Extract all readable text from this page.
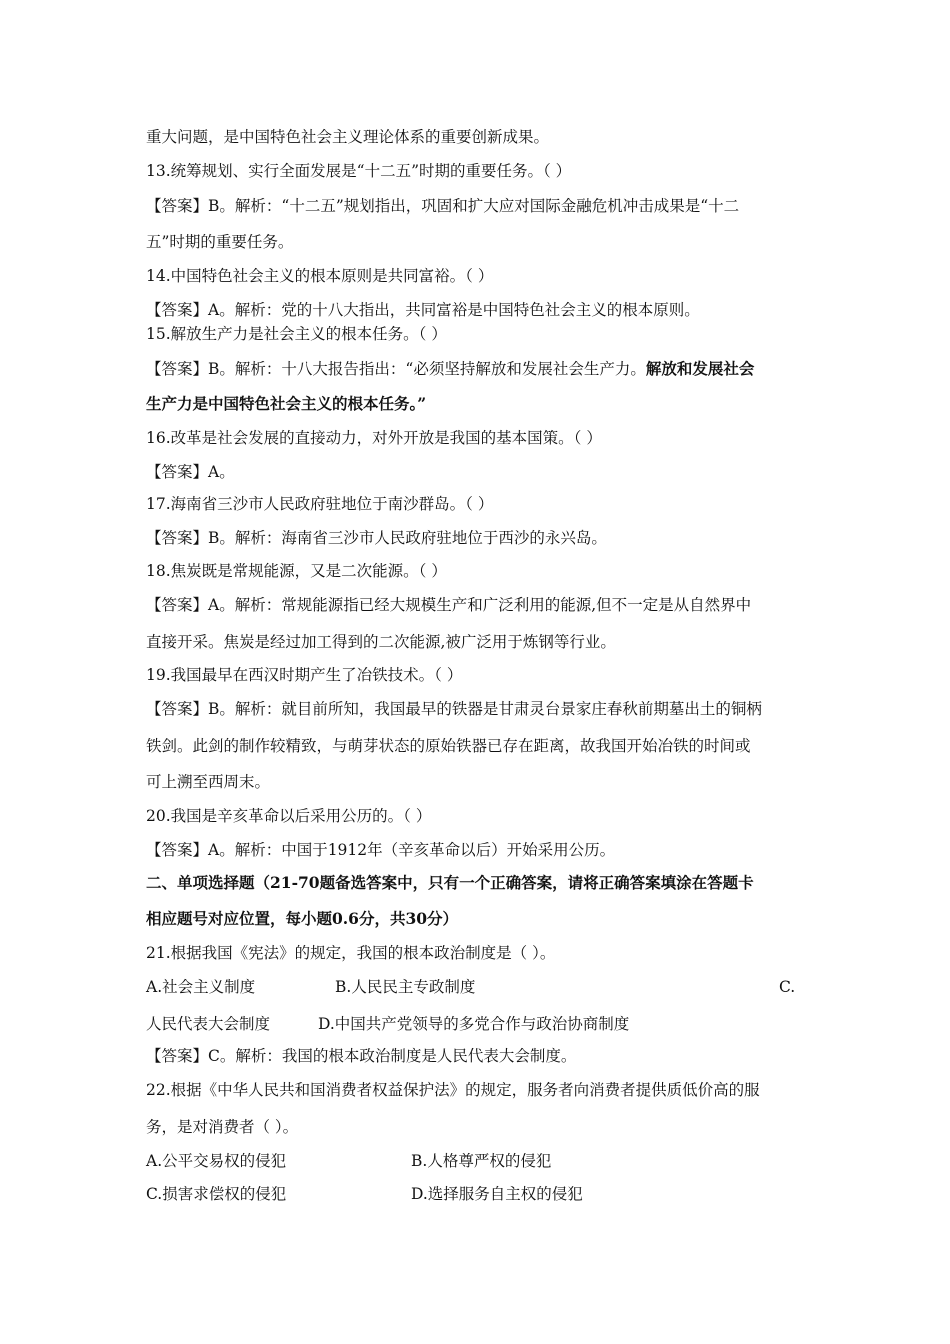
重大问题，是中国特色社会主义理论体系的重要创新成果。
13.统筹规划、实行全面发展是“十二五”时期的重要任务。（ ）
【答案】B。解析：“十二五”规划指出，巩固和扩大应对国际金融危机冲击成果是“十二
五”时期的重要任务。
14.中国特色社会主义的根本原则是共同富裕。（ ）
【答案】A。解析：党的十八大指出，共同富裕是中国特色社会主义的根本原则。
15.解放生产力是社会主义的根本任务。（ ）
【答案】B。解析：十八大报告指出：“必须坚持解放和发展社会生产力。解放和发展社会
生产力是中国特色社会主义的根本任务。”
16.改革是社会发展的直接动力，对外开放是我国的基本国策。（ ）
【答案】A。
17.海南省三沙市人民政府驻地位于南沙群岛。（ ）
【答案】B。解析：海南省三沙市人民政府驻地位于西沙的永兴岛。
18.焦炭既是常规能源，又是二次能源。（ ）
【答案】A。解析：常规能源指已经大规模生产和广泛利用的能源,但不一定是从自然界中
直接开采。焦炭是经过加工得到的二次能源,被广泛用于炼钢等行业。
19.我国最早在西汉时期产生了冶铁技术。（ ）
【答案】B。解析：就目前所知，我国最早的铁器是甘肃灵台景家庄春秋前期墓出土的铜柄
铁剑。此剑的制作较精致，与萌芽状态的原始铁器已存在距离，故我国开始冶铁的时间或
可上溯至西周末。
20.我国是辛亥革命以后采用公历的。（ ）
【答案】A。解析：中国于1912年（辛亥革命以后）开始采用公历。
二、单项选择题（21-70题备选答案中，只有一个正确答案，请将正确答案填涂在答题卡
相应题号对应位置，每小题0.6分，共30分）
21.根据我国《宪法》的规定，我国的根本政治制度是（ ）。
A.社会主义制度	B.人民民主专政制度	C.
人民代表大会制度	D.中国共产党领导的多党合作与政治协商制度
【答案】C。解析：我国的根本政治制度是人民代表大会制度。
22.根据《中华人民共和国消费者权益保护法》的规定，服务者向消费者提供质低价高的服
务，是对消费者（ ）。
A.公平交易权的侵犯	B.人格尊严权的侵犯
C.损害求偿权的侵犯	D.选择服务自主权的侵犯
